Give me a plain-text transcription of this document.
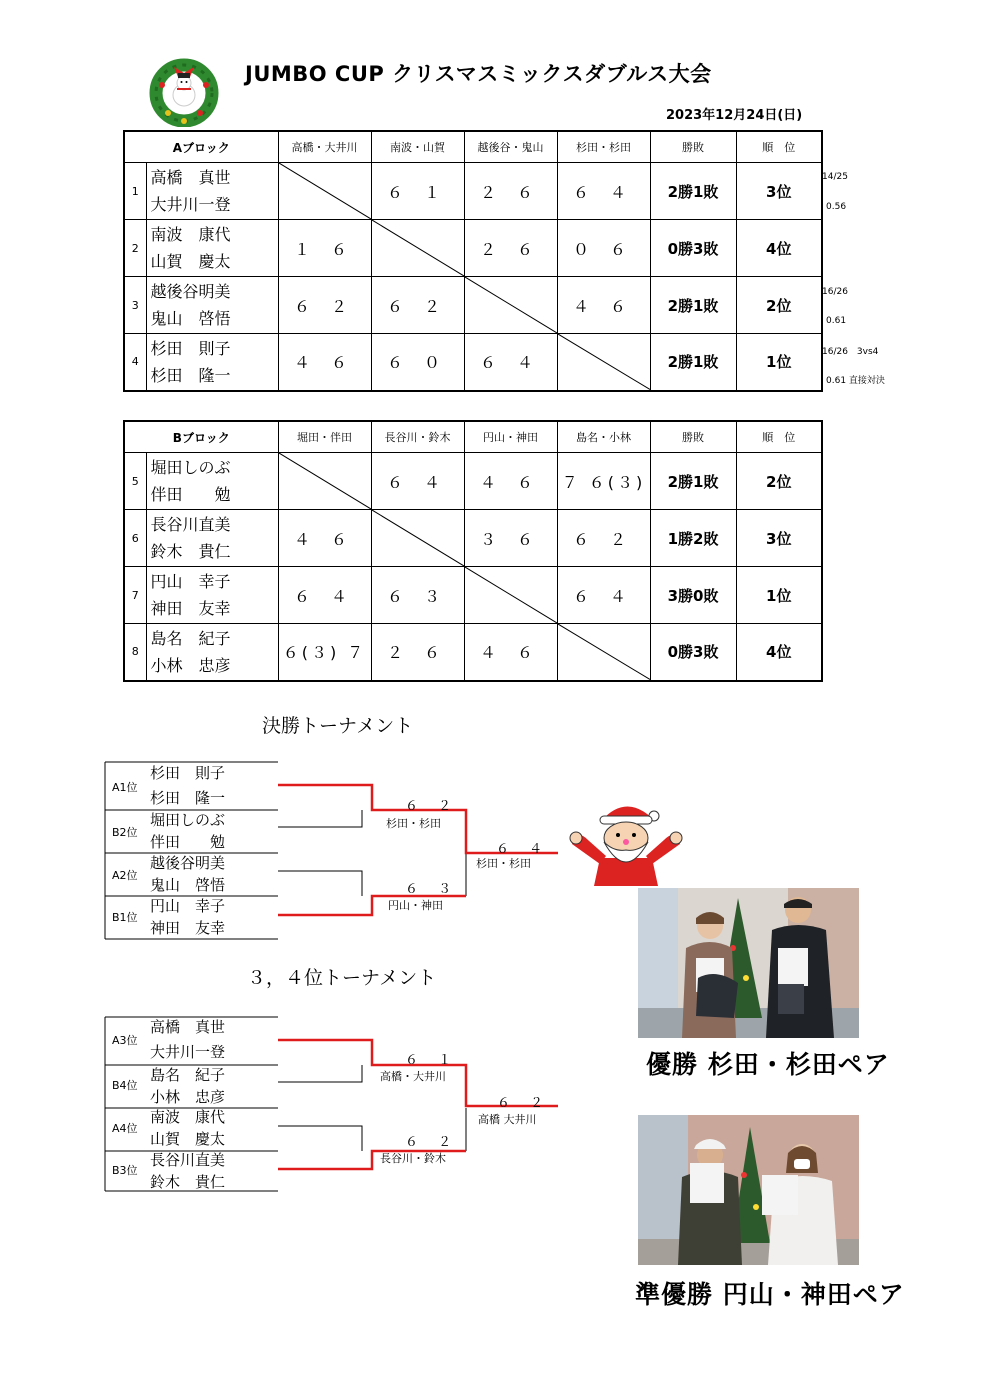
JUMBO CUP クリスマスミックスダブルス大会
2023年12月24日(日)
Aブロック		高橋・大井川	南波・山賀	越後谷・鬼山	杉田・杉田	勝敗	順　位
1	高橋　真世
大井川一登		６ １	２ ６	６ ４	2勝1敗	3位
2	南波　康代
山賀　慶太	１ ６		２ ６	０ ６	0勝3敗	4位
3	越後谷明美
鬼山　啓悟	６ ２	６ ２		４ ６	2勝1敗	2位
4	杉田　則子
杉田　隆一	４ ６	６ ０	６ ４		2勝1敗	1位
14/25
0.56
16/26
0.61
16/26　3vs4
0.61 直接対決
Bブロック		堀田・伴田	長谷川・鈴木	円山・神田	島名・小林	勝敗	順　位
5	堀田しのぶ
伴田　　勉		６ ４	４ ６	７ ６(３)	2勝1敗	2位
6	長谷川直美
鈴木　貴仁	４ ６		３ ６	６ ２	1勝2敗	3位
7	円山　幸子
神田　友幸	６ ４	６ ３		６ ４	3勝0敗	1位
8	島名　紀子
小林　忠彦	６(３) ７	２ ６	４ ６		0勝3敗	4位
決勝トーナメント
A1位
杉田　則子
杉田　隆一
B2位
堀田しのぶ
伴田　　勉
A2位
越後谷明美
鬼山　啓悟
B1位
円山　幸子
神田　友幸
６ ２
杉田・杉田
６ ３
円山・神田
６ ４
杉田・杉田
３，４位トーナメント
A3位
高橋　真世
大井川一登
B4位
島名　紀子
小林　忠彦
A4位
南波　康代
山賀　慶太
B3位
長谷川直美
鈴木　貴仁
６ １
高橋・大井川
６ ２
長谷川・鈴木
６ ２
高橋 大井川
優勝 杉田・杉田ペア
準優勝 円山・神田ペア
